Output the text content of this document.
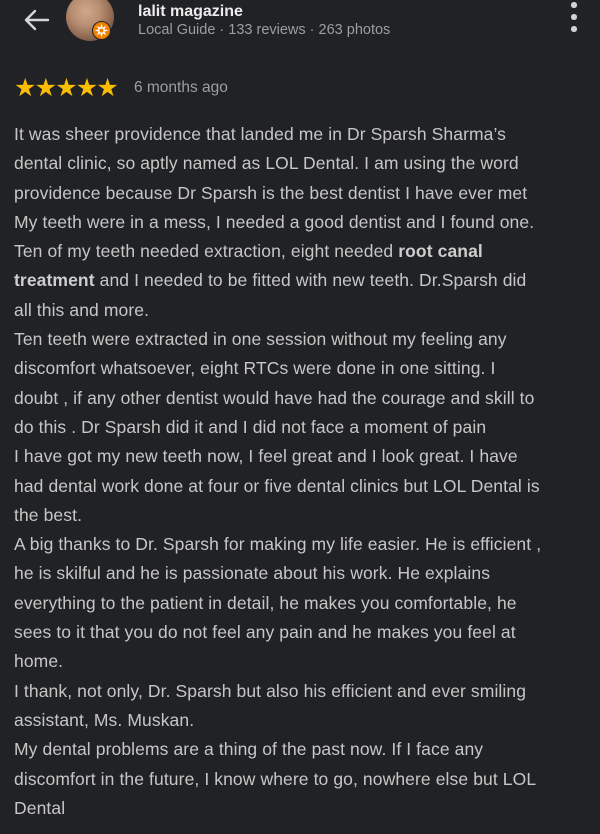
lalit magazine
Local Guide · 133 reviews · 263 photos
★
★
★
★
★ 6 months ago
It was sheer providence that landed me in Dr Sparsh Sharma’s
dental clinic, so aptly named as LOL Dental. I am using the word
providence because Dr Sparsh is the best dentist I have ever met
My teeth were in a mess, I needed a good dentist and I found one.
Ten of my teeth needed extraction, eight needed root canal
treatment and I needed to be fitted with new teeth. Dr.Sparsh did
all this and more.
Ten teeth were extracted in one session without my feeling any
discomfort whatsoever, eight RTCs were done in one sitting. I
doubt , if any other dentist would have had the courage and skill to
do this . Dr Sparsh did it and I did not face a moment of pain
I have got my new teeth now, I feel great and I look great. I have
had dental work done at four or five dental clinics but LOL Dental is
the best.
A big thanks to Dr. Sparsh for making my life easier. He is efficient ,
he is skilful and he is passionate about his work. He explains
everything to the patient in detail, he makes you comfortable, he
sees to it that you do not feel any pain and he makes you feel at
home.
I thank, not only, Dr. Sparsh but also his efficient and ever smiling
assistant, Ms. Muskan.
My dental problems are a thing of the past now. If I face any
discomfort in the future, I know where to go, nowhere else but LOL
Dental
